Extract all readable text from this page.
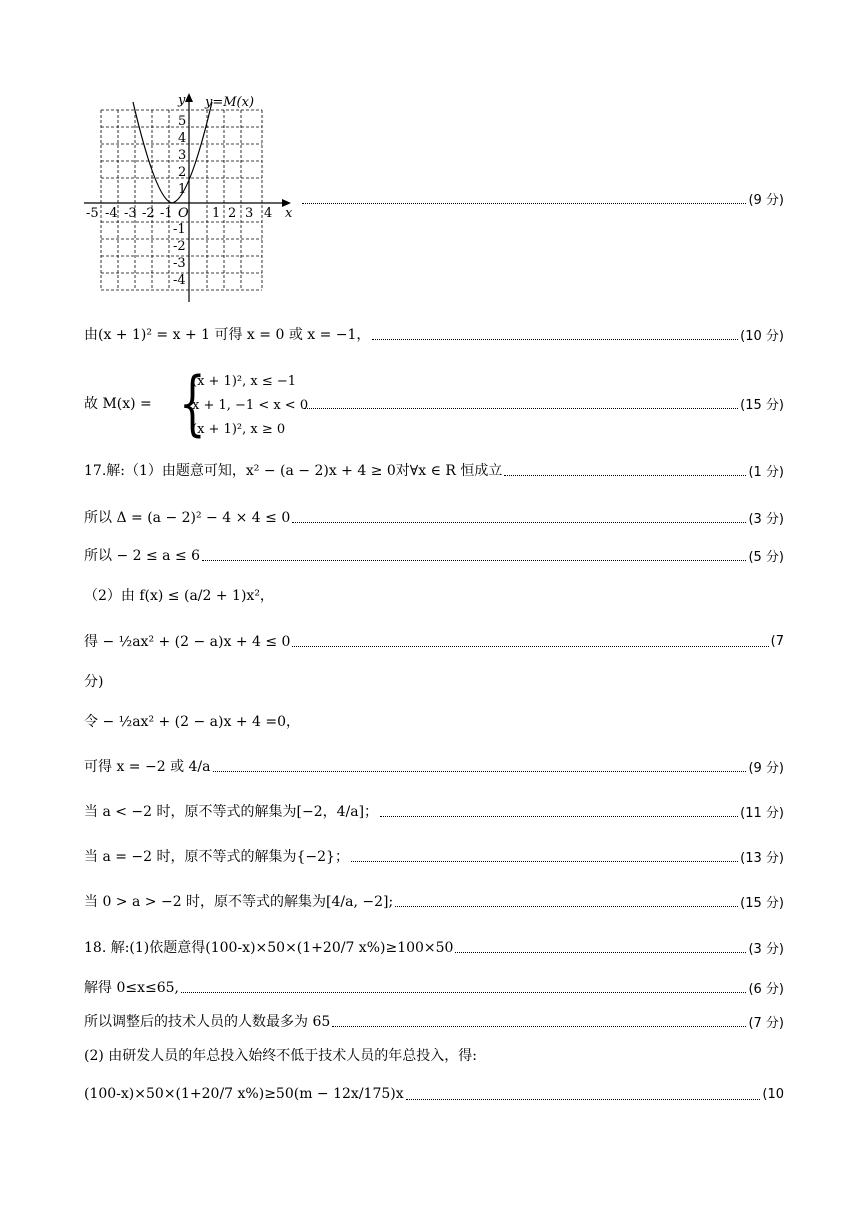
y=M(x)
y
x
O
-5 -4 -3 -2 -1	1 2 3 4
5
4
3
2
1
-1
-2
-3
-4
(9 分)
由(x + 1)² = x + 1 可得 x = 0 或 x = −1，	(10 分)
故 M(x) =	(15 分)
{
(x + 1)², x ≤ −1
x + 1, −1 < x < 0
(x + 1)², x ≥ 0
17.解:（1）由题意可知，x² − (a − 2)x + 4 ≥ 0对∀x ∈ R 恒成立	(1 分)
所以 Δ = (a − 2)² − 4 × 4 ≤ 0	(3 分)
所以 − 2 ≤ a ≤ 6	(5 分)
（2）由 f(x) ≤ (a/2 + 1)x²，
得 − ½ax² + (2 − a)x + 4 ≤ 0	(7
分)
令 − ½ax² + (2 − a)x + 4 =0，
可得 x = −2 或 4/a	(9 分)
当 a < −2 时，原不等式的解集为[−2，4/a]；	(11 分)
当 a = −2 时，原不等式的解集为{−2}；	(13 分)
当 0 > a > −2 时，原不等式的解集为[4/a, −2];	(15 分)
18. 解:(1)依题意得(100-x)×50×(1+20/7 x%)≥100×50	(3 分)
解得 0≤x≤65,	(6 分)
所以调整后的技术人员的人数最多为 65	(7 分)
(2) 由研发人员的年总投入始终不低于技术人员的年总投入，得:
(100-x)×50×(1+20/7 x%)≥50(m − 12x/175)x	(10
